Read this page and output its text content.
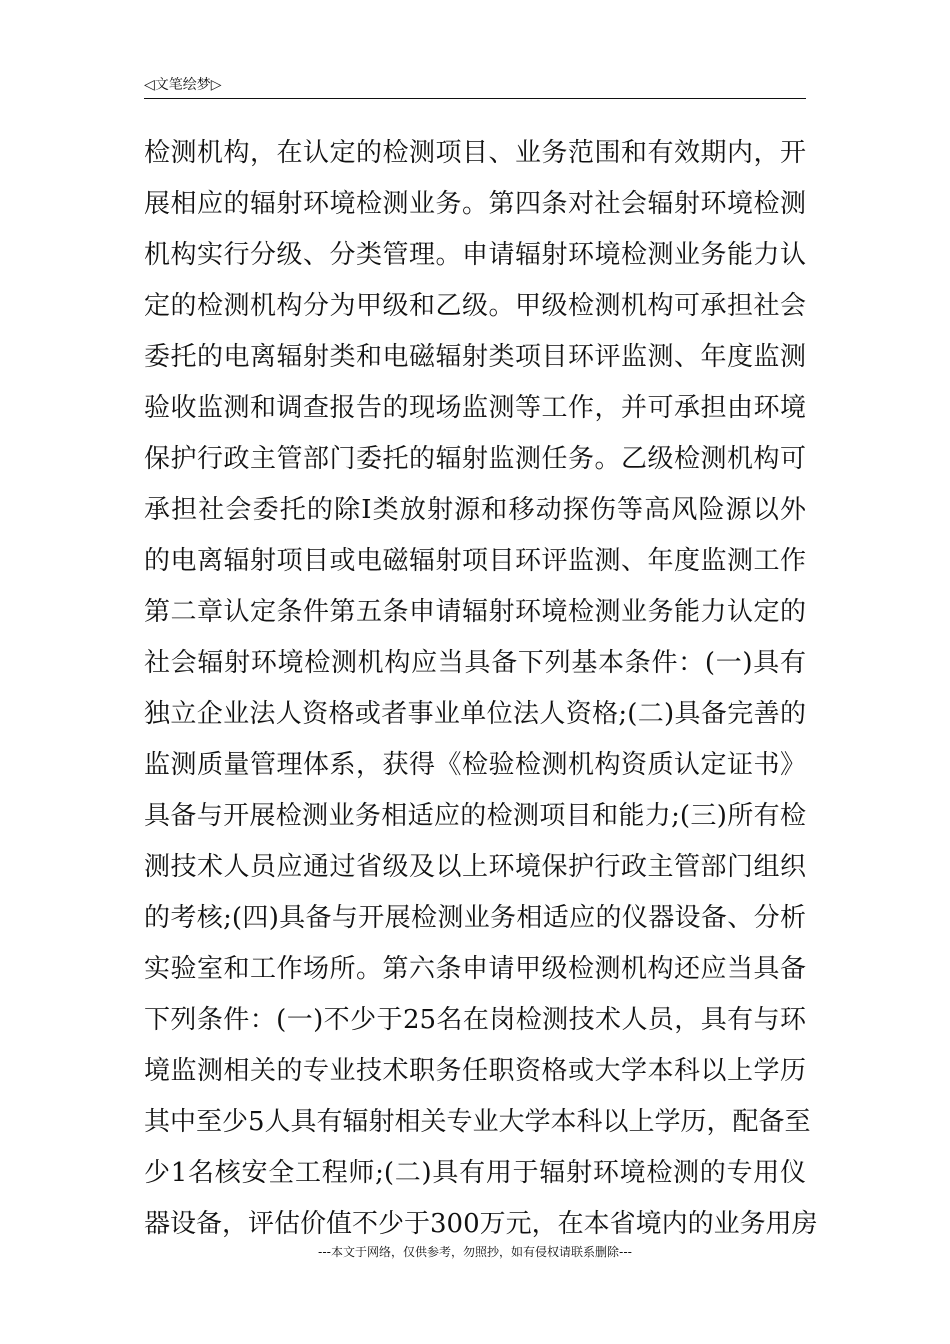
◁文笔绘梦▷
检测机构，在认定的检测项目、业务范围和有效期内，开
展相应的辐射环境检测业务。第四条对社会辐射环境检测
机构实行分级、分类管理。申请辐射环境检测业务能力认
定的检测机构分为甲级和乙级。甲级检测机构可承担社会
委托的电离辐射类和电磁辐射类项目环评监测、年度监测
验收监测和调查报告的现场监测等工作，并可承担由环境
保护行政主管部门委托的辐射监测任务。乙级检测机构可
承担社会委托的除Ⅰ类放射源和移动探伤等高风险源以外
的电离辐射项目或电磁辐射项目环评监测、年度监测工作
第二章认定条件第五条申请辐射环境检测业务能力认定的
社会辐射环境检测机构应当具备下列基本条件：(一)具有
独立企业法人资格或者事业单位法人资格;(二)具备完善的
监测质量管理体系，获得《检验检测机构资质认定证书》
具备与开展检测业务相适应的检测项目和能力;(三)所有检
测技术人员应通过省级及以上环境保护行政主管部门组织
的考核;(四)具备与开展检测业务相适应的仪器设备、分析
实验室和工作场所。第六条申请甲级检测机构还应当具备
下列条件：(一)不少于25名在岗检测技术人员，具有与环
境监测相关的专业技术职务任职资格或大学本科以上学历
其中至少5人具有辐射相关专业大学本科以上学历，配备至
少1名核安全工程师;(二)具有用于辐射环境检测的专用仪
器设备，评估价值不少于300万元，在本省境内的业务用房
---本文于网络，仅供参考，勿照抄，如有侵权请联系删除---
